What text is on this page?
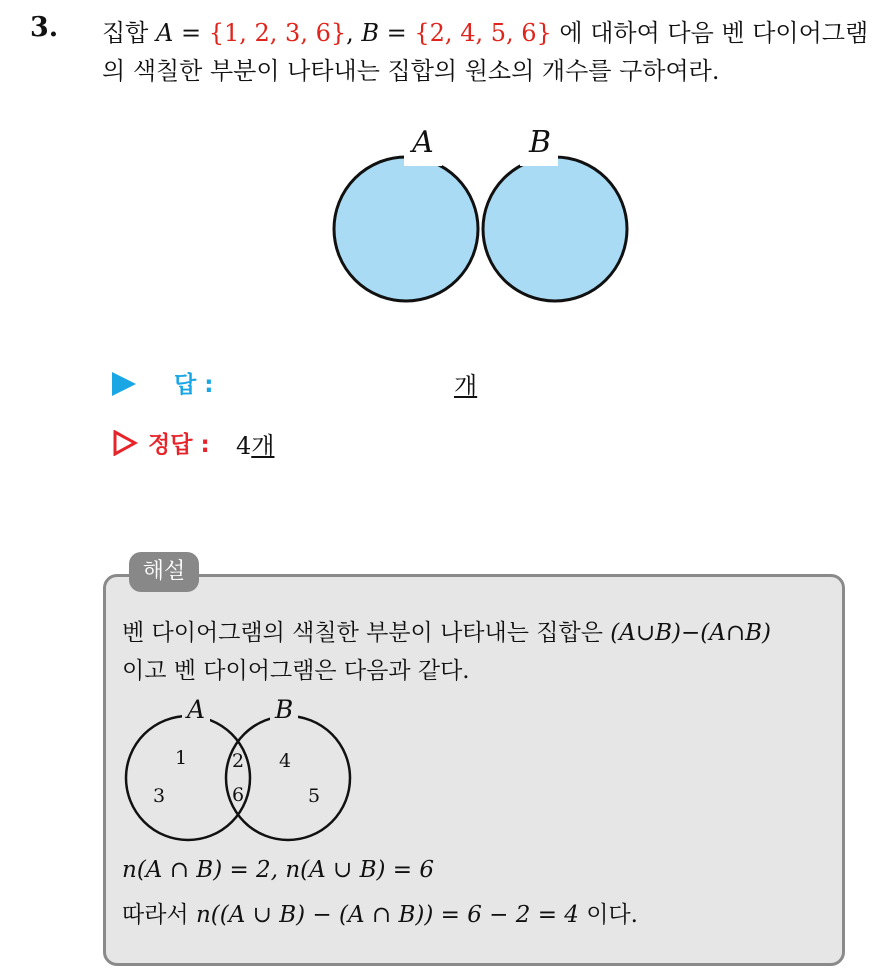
3. 집합 A = {1, 2, 3, 6}, B = {2, 4, 5, 6} 에 대하여 다음 벤 다이어그램의 색칠한 부분이 나타내는 집합의 원소의 개수를 구하여라.
A	B
답 :	개
정답 : 4개
해설
벤 다이어그램의 색칠한 부분이 나타내는 집합은 (A∪B)−(A∩B)
이고 벤 다이어그램은 다음과 같다.
A	B
1
3
2
6
4
5
n(A ∩ B) = 2, n(A ∪ B) = 6
따라서 n((A ∪ B) − (A ∩ B)) = 6 − 2 = 4 이다.
